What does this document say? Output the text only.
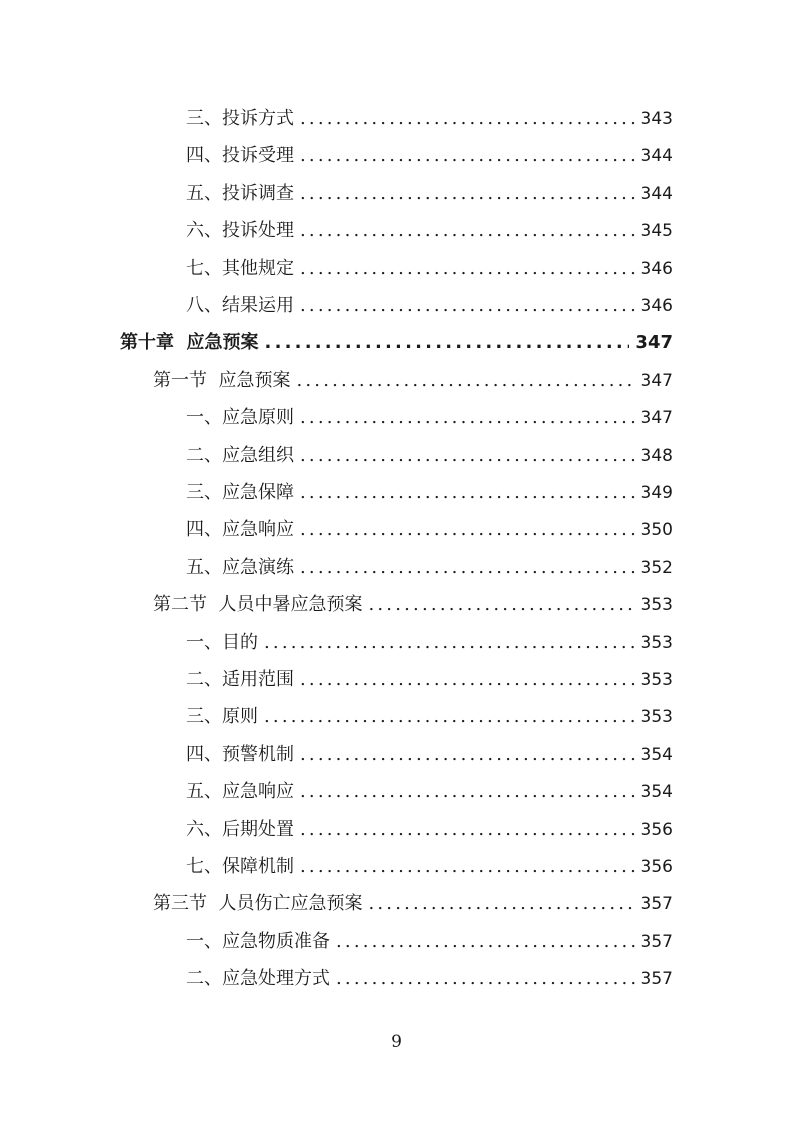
三、投诉方式 .....	343
四、投诉受理 .....	344
五、投诉调查 .....	344
六、投诉处理 .....	345
七、其他规定 .....	346
八、结果运用 .....	346
第十章  应急预案 .....	347
第一节  应急预案 .....	347
一、应急原则 .....	347
二、应急组织 .....	348
三、应急保障 .....	349
四、应急响应 .....	350
五、应急演练 .....	352
第二节  人员中暑应急预案 .....	353
一、目的 .....	353
二、适用范围 .....	353
三、原则 .....	353
四、预警机制 .....	354
五、应急响应 .....	354
六、后期处置 .....	356
七、保障机制 .....	356
第三节  人员伤亡应急预案 .....	357
一、应急物质准备 .....	357
二、应急处理方式 .....	357
9
